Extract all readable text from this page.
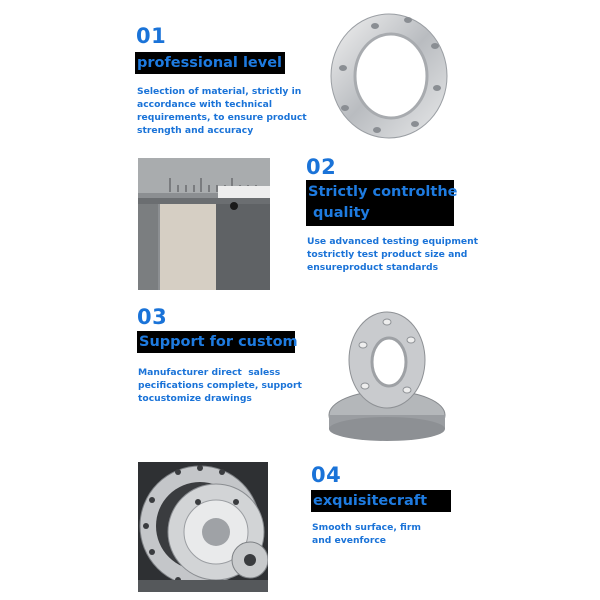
01
professional level
Selection of material, strictly in
accordance with technical
requirements, to ensure product
strength and accuracy
02
Strictly controlthe
quality
Use advanced testing equipment
tostrictly test product size and
ensureproduct standards
03
Support for custom
Manufacturer direct  saless
pecifications complete, support
tocustomize drawings
04
exquisitecraft
Smooth surface, firm
and evenforce
